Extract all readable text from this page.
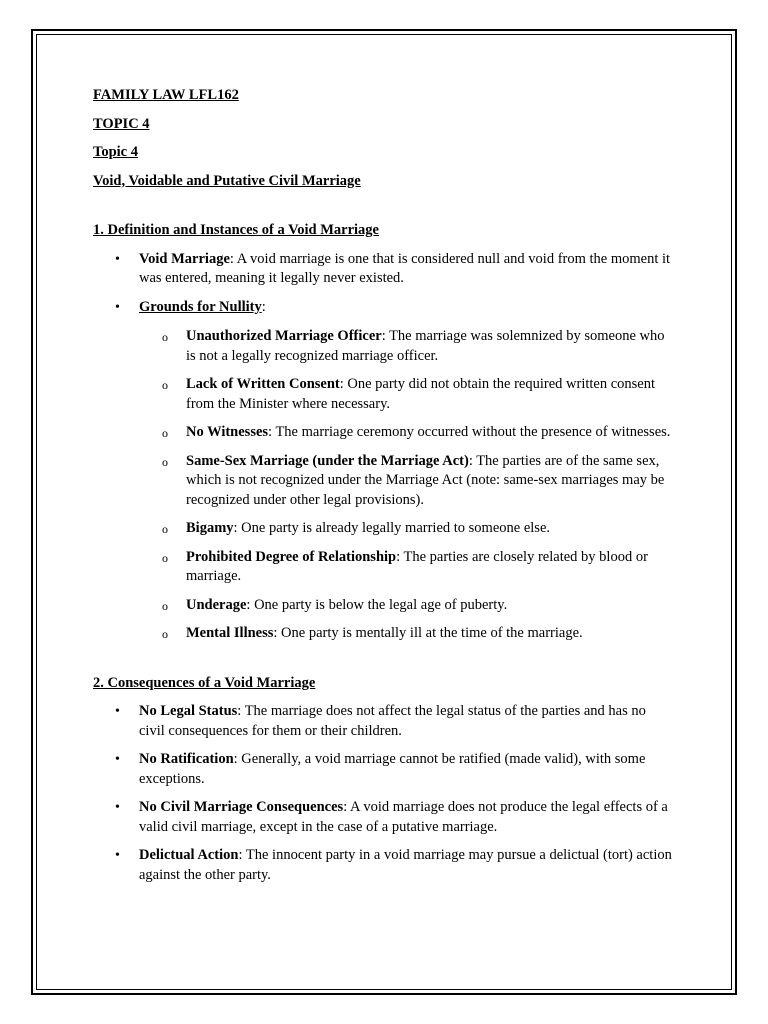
FAMILY LAW LFL162

TOPIC 4

Topic 4

Void, Voidable and Putative Civil Marriage

1. Definition and Instances of a Void Marriage

• Void Marriage: A void marriage is one that is considered null and void from the moment it was entered, meaning it legally never existed.
• Grounds for Nullity:
o Unauthorized Marriage Officer: The marriage was solemnized by someone who is not a legally recognized marriage officer.
o Lack of Written Consent: One party did not obtain the required written consent from the Minister where necessary.
o No Witnesses: The marriage ceremony occurred without the presence of witnesses.
o Same-Sex Marriage (under the Marriage Act): The parties are of the same sex, which is not recognized under the Marriage Act (note: same-sex marriages may be recognized under other legal provisions).
o Bigamy: One party is already legally married to someone else.
o Prohibited Degree of Relationship: The parties are closely related by blood or marriage.
o Underage: One party is below the legal age of puberty.
o Mental Illness: One party is mentally ill at the time of the marriage.

2. Consequences of a Void Marriage

• No Legal Status: The marriage does not affect the legal status of the parties and has no civil consequences for them or their children.
• No Ratification: Generally, a void marriage cannot be ratified (made valid), with some exceptions.
• No Civil Marriage Consequences: A void marriage does not produce the legal effects of a valid civil marriage, except in the case of a putative marriage.
• Delictual Action: The innocent party in a void marriage may pursue a delictual (tort) action against the other party.
